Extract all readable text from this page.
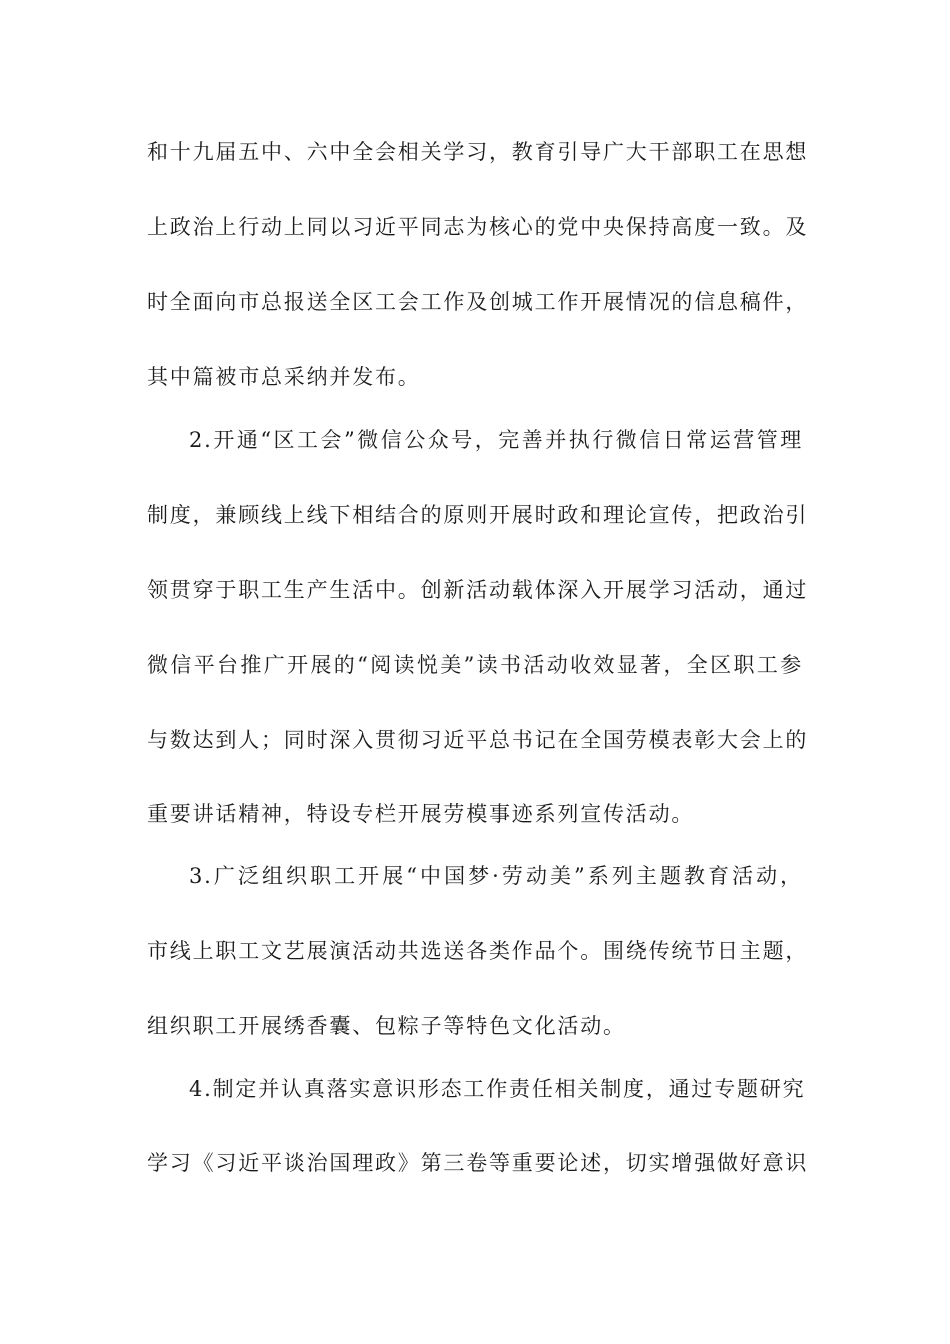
和十九届五中、六中全会相关学习，教育引导广大干部职工在思想
上政治上行动上同以习近平同志为核心的党中央保持高度一致。及
时全面向市总报送全区工会工作及创城工作开展情况的信息稿件，
其中篇被市总采纳并发布。
2.开通“区工会”微信公众号，完善并执行微信日常运营管理
制度，兼顾线上线下相结合的原则开展时政和理论宣传，把政治引
领贯穿于职工生产生活中。创新活动载体深入开展学习活动，通过
微信平台推广开展的“阅读悦美”读书活动收效显著，全区职工参
与数达到人；同时深入贯彻习近平总书记在全国劳模表彰大会上的
重要讲话精神，特设专栏开展劳模事迹系列宣传活动。
3.广泛组织职工开展“中国梦·劳动美”系列主题教育活动，
市线上职工文艺展演活动共选送各类作品个。围绕传统节日主题，
组织职工开展绣香囊、包粽子等特色文化活动。
4.制定并认真落实意识形态工作责任相关制度，通过专题研究
学习《习近平谈治国理政》第三卷等重要论述，切实增强做好意识
